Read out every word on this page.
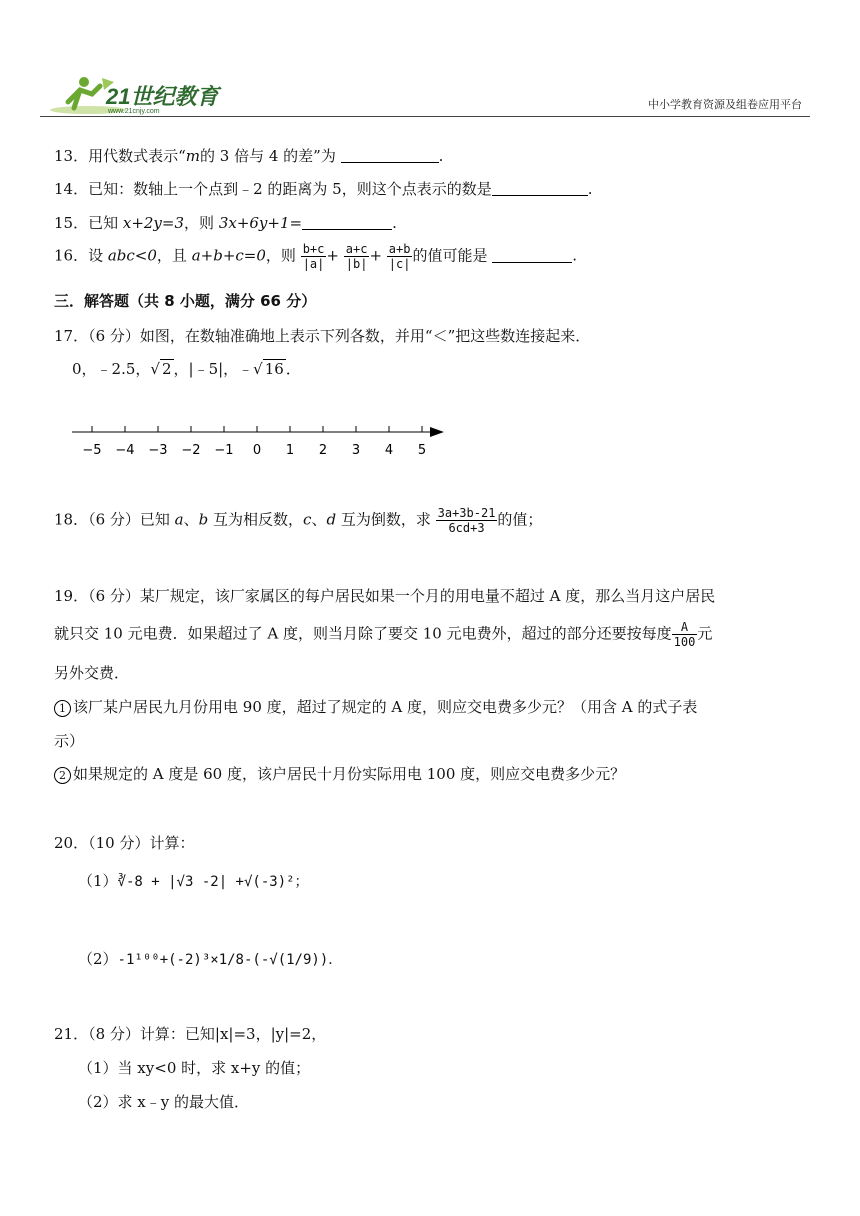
21世纪教育
www.21cnjy.com
中小学教育资源及组卷应用平台
13．用代数式表示“m的 3 倍与 4 的差”为	.
14．已知：数轴上一个点到﹣2 的距离为 5，则这个点表示的数是	.
15．已知 x+2y=3，则 3x+6y+1=	.
16．设 abc<0，且 a+b+c=0，则 $\frac{b+c}{|a|} + \frac{a+c}{|b|} + \frac{a+b}{|c|}$ 的值可能是	.
三．解答题（共 8 小题，满分 66 分）
17．（6 分）如图，在数轴准确地上表示下列各数，并用“＜”把这些数连接起来．
0，﹣2.5，√ 2 ，|﹣5|，﹣√ 16 ．
−5 −4 −3 −2 −1 0 1 2 3 4 5
18．（6 分）已知 a、b 互为相反数，c、d 互为倒数，求 $\frac{3a+3b-21}{6cd+3}$ 的值；
19．（6 分）某厂规定，该厂家属区的每户居民如果一个月的用电量不超过 A 度，那么当月这户居民
就只交 10 元电费．如果超过了 A 度，则当月除了要交 10 元电费外，超过的部分还要按每度 $\frac{A}{100}$ 元
另外交费．
1 该厂某户居民九月份用电 90 度，超过了规定的 A 度，则应交电费多少元？（用含 A 的式子表
示）
2 如果规定的 A 度是 60 度，该户居民十月份实际用电 100 度，则应交电费多少元？
20．（10 分）计算：
（1）∛-8 + |√3 -2| +√(-3)²；
（2）-1¹⁰⁰+(-2)³×1/8-(-√(1/9))．
21．（8 分）计算：已知|x|=3，|y|=2，
（1）当 xy<0 时，求 x+y 的值；
（2）求 x﹣y 的最大值．
